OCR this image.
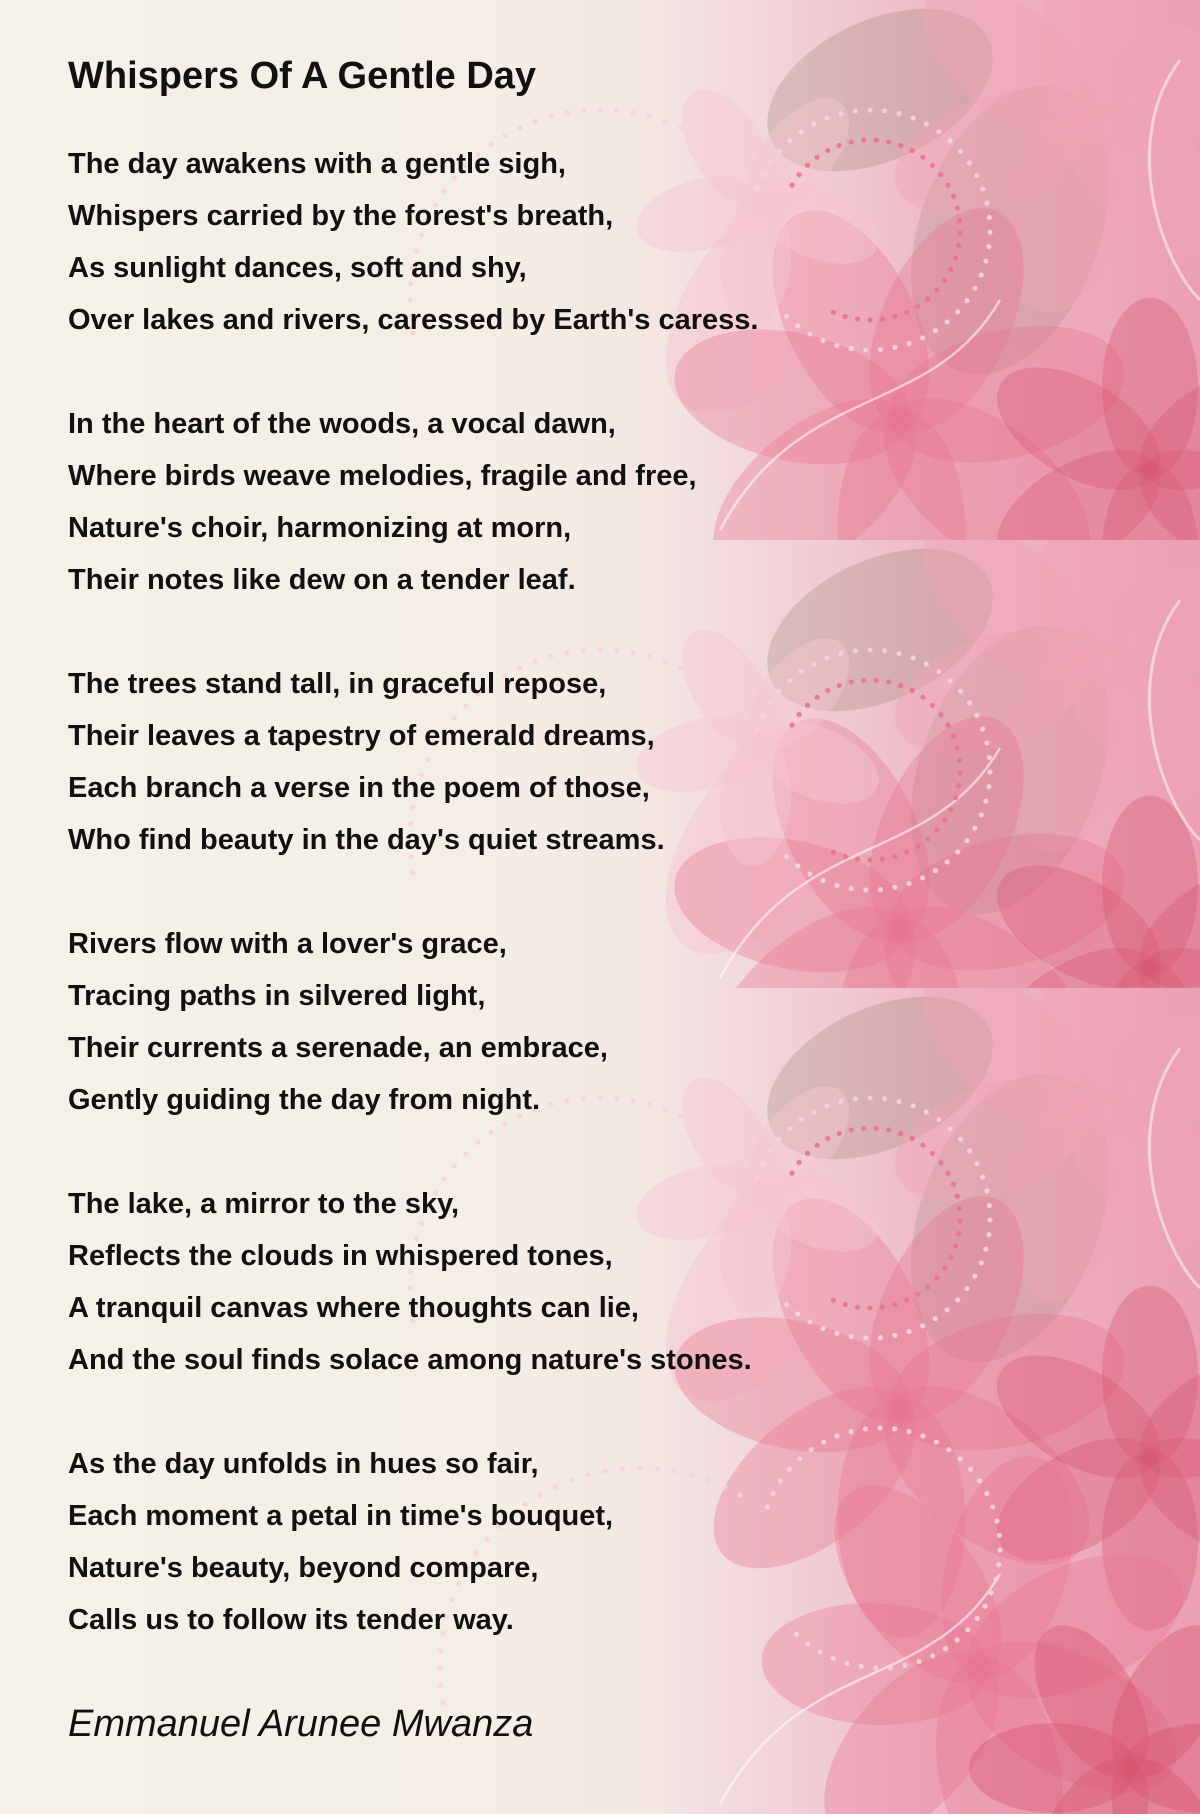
Whispers Of A Gentle Day
The day awakens with a gentle sigh,
Whispers carried by the forest's breath,
As sunlight dances, soft and shy,
Over lakes and rivers, caressed by Earth's caress.
In the heart of the woods, a vocal dawn,
Where birds weave melodies, fragile and free,
Nature's choir, harmonizing at morn,
Their notes like dew on a tender leaf.
The trees stand tall, in graceful repose,
Their leaves a tapestry of emerald dreams,
Each branch a verse in the poem of those,
Who find beauty in the day's quiet streams.
Rivers flow with a lover's grace,
Tracing paths in silvered light,
Their currents a serenade, an embrace,
Gently guiding the day from night.
The lake, a mirror to the sky,
Reflects the clouds in whispered tones,
A tranquil canvas where thoughts can lie,
And the soul finds solace among nature's stones.
As the day unfolds in hues so fair,
Each moment a petal in time's bouquet,
Nature's beauty, beyond compare,
Calls us to follow its tender way.
Emmanuel Arunee Mwanza
